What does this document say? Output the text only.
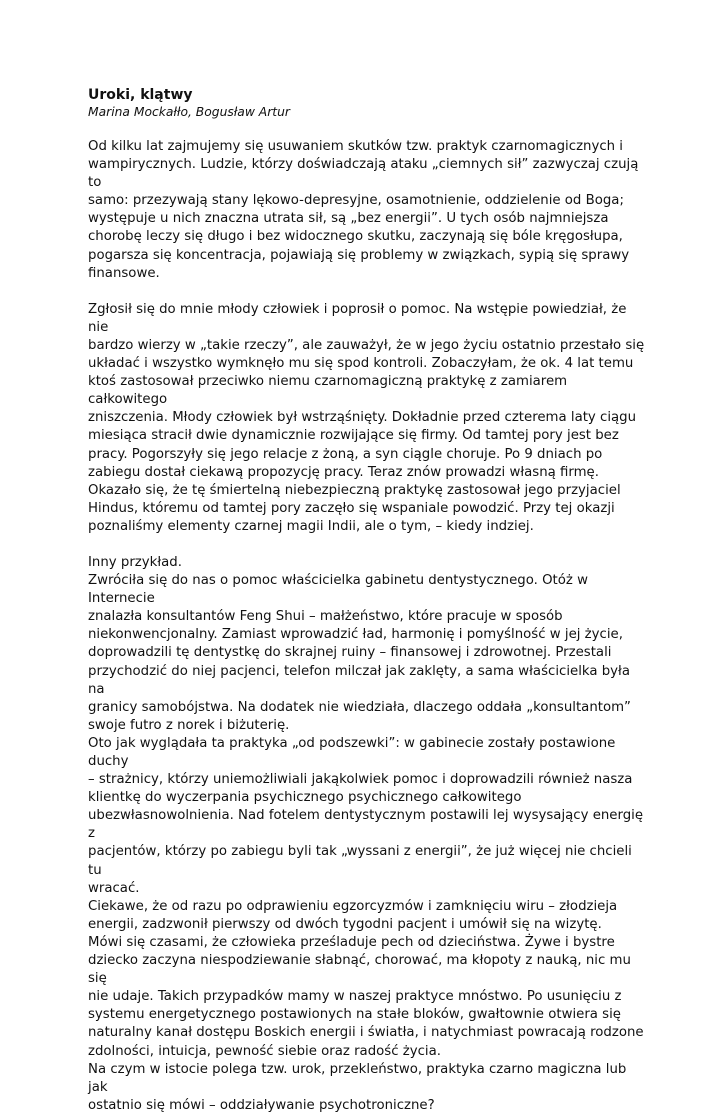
Uroki, klątwy

Marina Mockałło, Bogusław Artur

Od kilku lat zajmujemy się usuwaniem skutków tzw. praktyk czarnomagicznych i
wampirycznych. Ludzie, którzy doświadczają ataku „ciemnych sił” zazwyczaj czują to
samo: przezywają stany lękowo-depresyjne, osamotnienie, oddzielenie od Boga;
występuje u nich znaczna utrata sił, są „bez energii”. U tych osób najmniejsza
chorobę leczy się długo i bez widocznego skutku, zaczynają się bóle kręgosłupa,
pogarsza się koncentracja, pojawiają się problemy w związkach, sypią się sprawy
finansowe.

Zgłosił się do mnie młody człowiek i poprosił o pomoc. Na wstępie powiedział, że nie
bardzo wierzy w „takie rzeczy”, ale zauważył, że w jego życiu ostatnio przestało się
układać i wszystko wymknęło mu się spod kontroli. Zobaczyłam, że ok. 4 lat temu
ktoś zastosował przeciwko niemu czarnomagiczną praktykę z zamiarem całkowitego
zniszczenia. Młody człowiek był wstrząśnięty. Dokładnie przed czterema laty ciągu
miesiąca stracił dwie dynamicznie rozwijające się firmy. Od tamtej pory jest bez
pracy. Pogorszyły się jego relacje z żoną, a syn ciągle choruje. Po 9 dniach po
zabiegu dostał ciekawą propozycję pracy. Teraz znów prowadzi własną firmę.
Okazało się, że tę śmiertelną niebezpieczną praktykę zastosował jego przyjaciel
Hindus, któremu od tamtej pory zaczęło się wspaniale powodzić. Przy tej okazji
poznaliśmy elementy czarnej magii Indii, ale o tym, – kiedy indziej.

Inny przykład.
Zwróciła się do nas o pomoc właścicielka gabinetu dentystycznego. Otóż w Internecie
znalazła konsultantów Feng Shui – małżeństwo, które pracuje w sposób
niekonwencjonalny. Zamiast wprowadzić ład, harmonię i pomyślność w jej życie,
doprowadzili tę dentystkę do skrajnej ruiny – finansowej i zdrowotnej. Przestali
przychodzić do niej pacjenci, telefon milczał jak zaklęty, a sama właścicielka była na
granicy samobójstwa. Na dodatek nie wiedziała, dlaczego oddała „konsultantom”
swoje futro z norek i biżuterię.
Oto jak wyglądała ta praktyka „od podszewki”: w gabinecie zostały postawione duchy
– strażnicy, którzy uniemożliwiali jakąkolwiek pomoc i doprowadzili również nasza
klientkę do wyczerpania psychicznego psychicznego całkowitego
ubezwłasnowolnienia. Nad fotelem dentystycznym postawili lej wysysający energię z
pacjentów, którzy po zabiegu byli tak „wyssani z energii”, że już więcej nie chcieli tu
wracać.
Ciekawe, że od razu po odprawieniu egzorcyzmów i zamknięciu wiru – złodzieja
energii, zadzwonił pierwszy od dwóch tygodni pacjent i umówił się na wizytę.
Mówi się czasami, że człowieka prześladuje pech od dzieciństwa. Żywe i bystre
dziecko zaczyna niespodziewanie słabnąć, chorować, ma kłopoty z nauką, nic mu się
nie udaje. Takich przypadków mamy w naszej praktyce mnóstwo. Po usunięciu z
systemu energetycznego postawionych na stałe bloków, gwałtownie otwiera się
naturalny kanał dostępu Boskich energii i światła, i natychmiast powracają rodzone
zdolności, intuicja, pewność siebie oraz radość życia.
Na czym w istocie polega tzw. urok, przekleństwo, praktyka czarno magiczna lub jak
ostatnio się mówi – oddziaływanie psychotroniczne?
